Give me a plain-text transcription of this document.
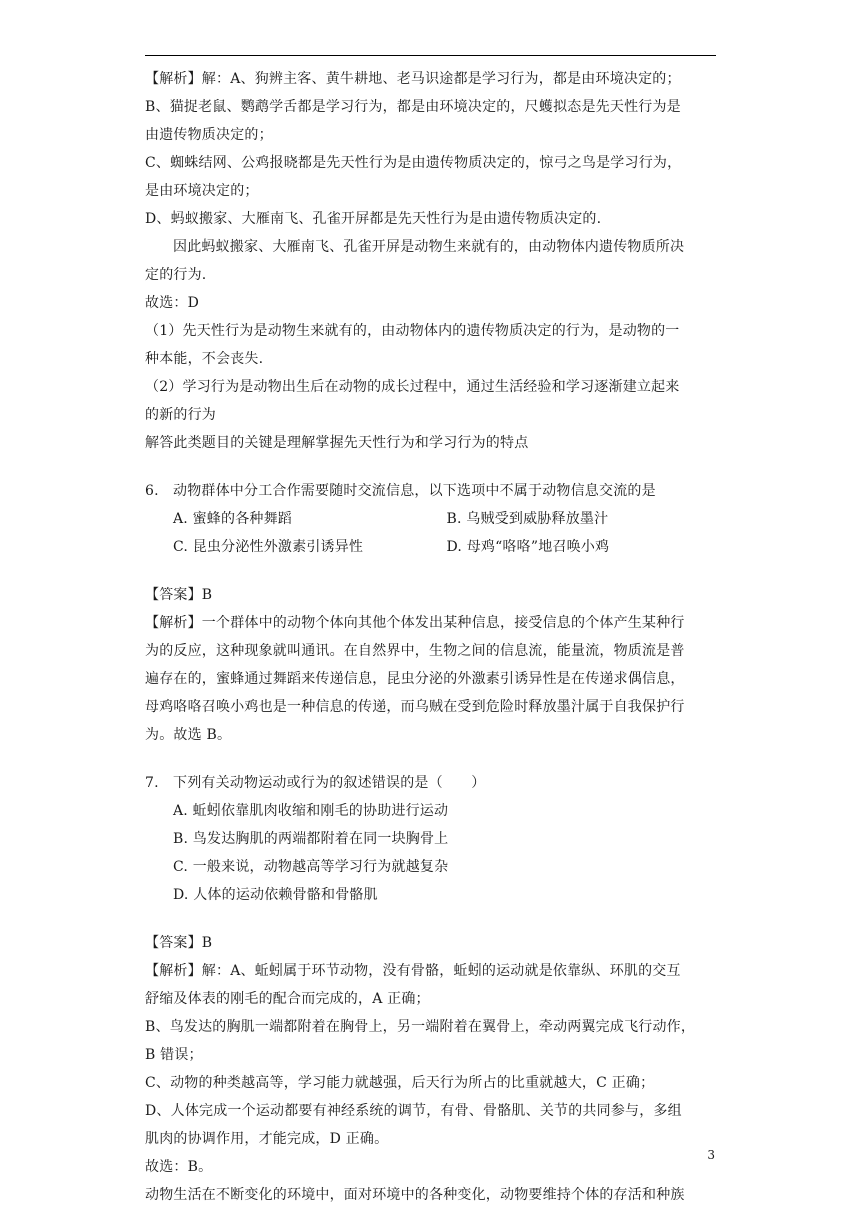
【解析】解：A、狗辨主客、黄牛耕地、老马识途都是学习行为，都是由环境决定的；
B、猫捉老鼠、鹦鹉学舌都是学习行为，都是由环境决定的，尺蠖拟态是先天性行为是
由遗传物质决定的；
C、蜘蛛结网、公鸡报晓都是先天性行为是由遗传物质决定的，惊弓之鸟是学习行为，
是由环境决定的；
D、蚂蚁搬家、大雁南飞、孔雀开屏都是先天性行为是由遗传物质决定的.
因此蚂蚁搬家、大雁南飞、孔雀开屏是动物生来就有的，由动物体内遗传物质所决
定的行为.
故选：D
（1）先天性行为是动物生来就有的，由动物体内的遗传物质决定的行为，是动物的一
种本能，不会丧失.
（2）学习行为是动物出生后在动物的成长过程中，通过生活经验和学习逐渐建立起来
的新的行为
解答此类题目的关键是理解掌握先天性行为和学习行为的特点
6. 动物群体中分工合作需要随时交流信息，以下选项中不属于动物信息交流的是
A. 蜜蜂的各种舞蹈	B. 乌贼受到威胁释放墨汁
C. 昆虫分泌性外激素引诱异性	D. 母鸡“咯咯”地召唤小鸡
【答案】B
【解析】一个群体中的动物个体向其他个体发出某种信息，接受信息的个体产生某种行
为的反应，这种现象就叫通讯。在自然界中，生物之间的信息流，能量流，物质流是普
遍存在的，蜜蜂通过舞蹈来传递信息，昆虫分泌的外激素引诱异性是在传递求偶信息，
母鸡咯咯召唤小鸡也是一种信息的传递，而乌贼在受到危险时释放墨汁属于自我保护行
为。故选 B。
7. 下列有关动物运动或行为的叙述错误的是（　　）
A. 蚯蚓依靠肌肉收缩和刚毛的协助进行运动
B. 鸟发达胸肌的两端都附着在同一块胸骨上
C. 一般来说，动物越高等学习行为就越复杂
D. 人体的运动依赖骨骼和骨骼肌
【答案】B
【解析】解：A、蚯蚓属于环节动物，没有骨骼，蚯蚓的运动就是依靠纵、环肌的交互
舒缩及体表的刚毛的配合而完成的，A 正确；
B、鸟发达的胸肌一端都附着在胸骨上，另一端附着在翼骨上，牵动两翼完成飞行动作，
B 错误；
C、动物的种类越高等，学习能力就越强，后天行为所占的比重就越大，C 正确；
D、人体完成一个运动都要有神经系统的调节，有骨、骨骼肌、关节的共同参与，多组
肌肉的协调作用，才能完成，D 正确。
故选：B。
动物生活在不断变化的环境中，面对环境中的各种变化，动物要维持个体的存活和种族
3
